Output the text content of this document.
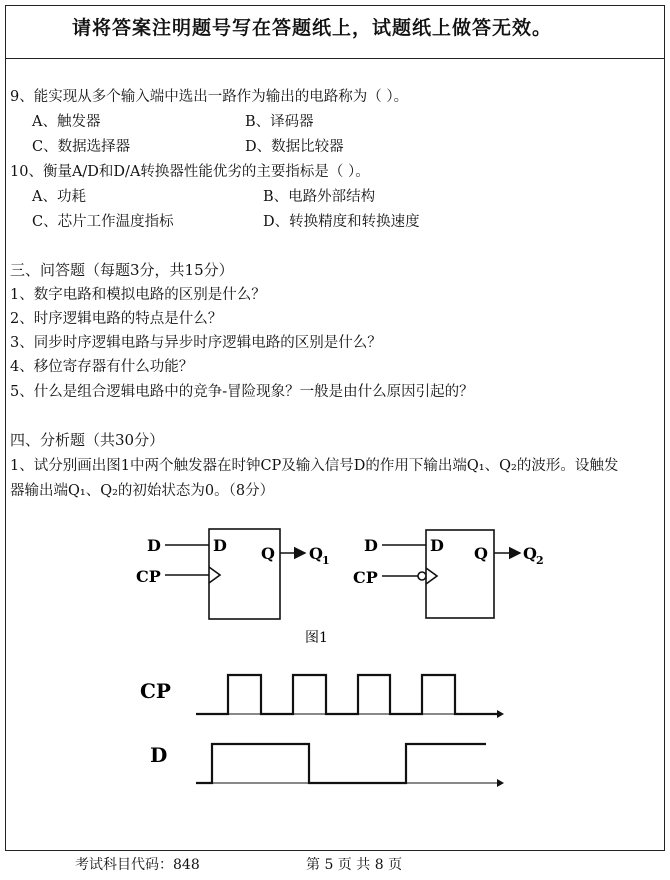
请将答案注明题号写在答题纸上，试题纸上做答无效。
9、能实现从多个输入端中选出一路作为输出的电路称为（ ）。
A、触发器	B、译码器
C、数据选择器	D、数据比较器
10、衡量A/D和D/A转换器性能优劣的主要指标是（ ）。
A、功耗	B、电路外部结构
C、芯片工作温度指标	D、转换精度和转换速度
三、问答题（每题3分，共15分）
1、数字电路和模拟电路的区别是什么？
2、时序逻辑电路的特点是什么？
3、同步时序逻辑电路与异步时序逻辑电路的区别是什么？
4、移位寄存器有什么功能？
5、什么是组合逻辑电路中的竞争-冒险现象？一般是由什么原因引起的？
四、分析题（共30分）
1、试分别画出图1中两个触发器在时钟CP及输入信号D的作用下输出端Q₁、Q₂的波形。设触发
器输出端Q₁、Q₂的初始状态为0。（8分）
D
CP
D Q Q 1
D
CP
D Q Q 2
图1
CP
D
考试科目代码：848	第 5 页 共 8 页
